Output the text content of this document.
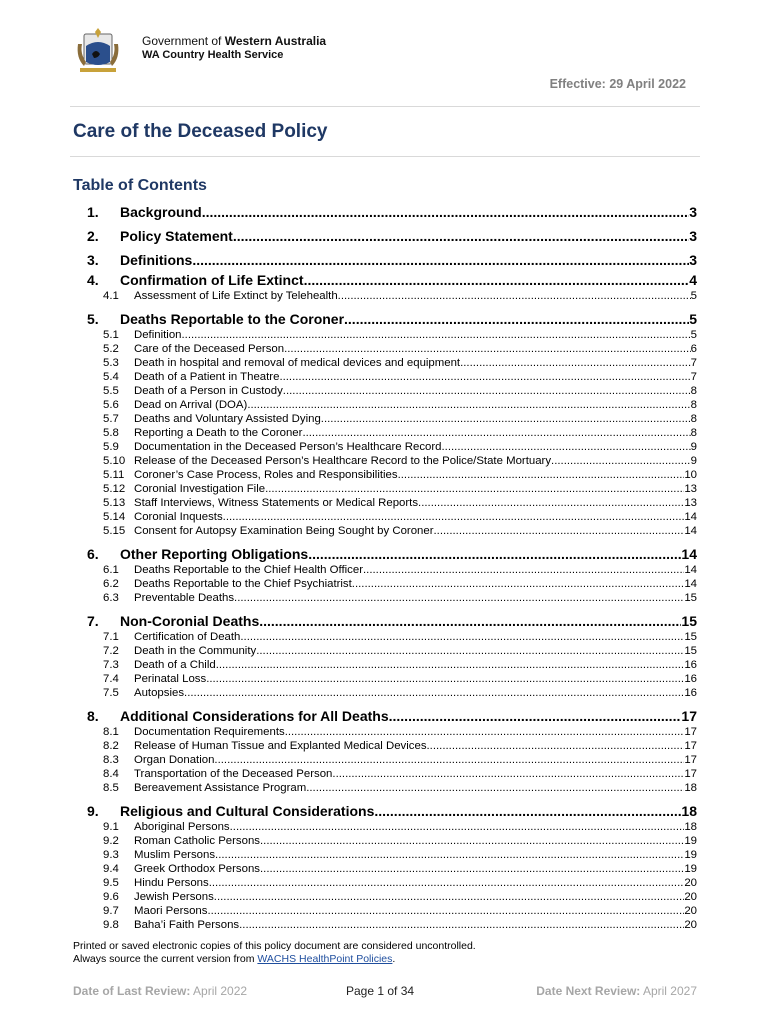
Government of Western Australia
WA Country Health Service
Effective: 29 April 2022
Care of the Deceased Policy
Table of Contents
1.	Background .....	3
2.	Policy Statement .....	3
3.	Definitions .....	3
4.	Confirmation of Life Extinct .....	4
4.1	Assessment of Life Extinct by Telehealth .....	5
5.	Deaths Reportable to the Coroner .....	5
5.1	Definition .....	5
5.2	Care of the Deceased Person .....	6
5.3	Death in hospital and removal of medical devices and equipment .....	7
5.4	Death of a Patient in Theatre .....	7
5.5	Death of a Person in Custody .....	8
5.6	Dead on Arrival (DOA) .....	8
5.7	Deaths and Voluntary Assisted Dying .....	8
5.8	Reporting a Death to the Coroner .....	8
5.9	Documentation in the Deceased Person’s Healthcare Record .....	9
5.10 Release of the Deceased Person’s Healthcare Record to the Police/State Mortuary .....	9
5.11 Coroner’s Case Process, Roles and Responsibilities .....	10
5.12 Coronial Investigation File .....	13
5.13 Staff Interviews, Witness Statements or Medical Reports .....	13
5.14 Coronial Inquests .....	14
5.15 Consent for Autopsy Examination Being Sought by Coroner .....	14
6.	Other Reporting Obligations .....	14
6.1	Deaths Reportable to the Chief Health Officer .....	14
6.2	Deaths Reportable to the Chief Psychiatrist .....	14
6.3	Preventable Deaths .....	15
7.	Non-Coronial Deaths .....	15
7.1	Certification of Death .....	15
7.2	Death in the Community .....	15
7.3	Death of a Child .....	16
7.4	Perinatal Loss .....	16
7.5	Autopsies .....	16
8.	Additional Considerations for All Deaths .....	17
8.1	Documentation Requirements .....	17
8.2	Release of Human Tissue and Explanted Medical Devices .....	17
8.3	Organ Donation .....	17
8.4	Transportation of the Deceased Person .....	17
8.5	Bereavement Assistance Program .....	18
9.	Religious and Cultural Considerations .....	18
9.1	Aboriginal Persons .....	18
9.2	Roman Catholic Persons .....	19
9.3	Muslim Persons .....	19
9.4	Greek Orthodox Persons .....	19
9.5	Hindu Persons .....	20
9.6	Jewish Persons .....	20
9.7	Maori Persons .....	20
9.8	Baha’i Faith Persons .....	20
Printed or saved electronic copies of this policy document are considered uncontrolled.
Always source the current version from WACHS HealthPoint Policies.
Date of Last Review: April 2022	Page 1 of 34	Date Next Review: April 2027
